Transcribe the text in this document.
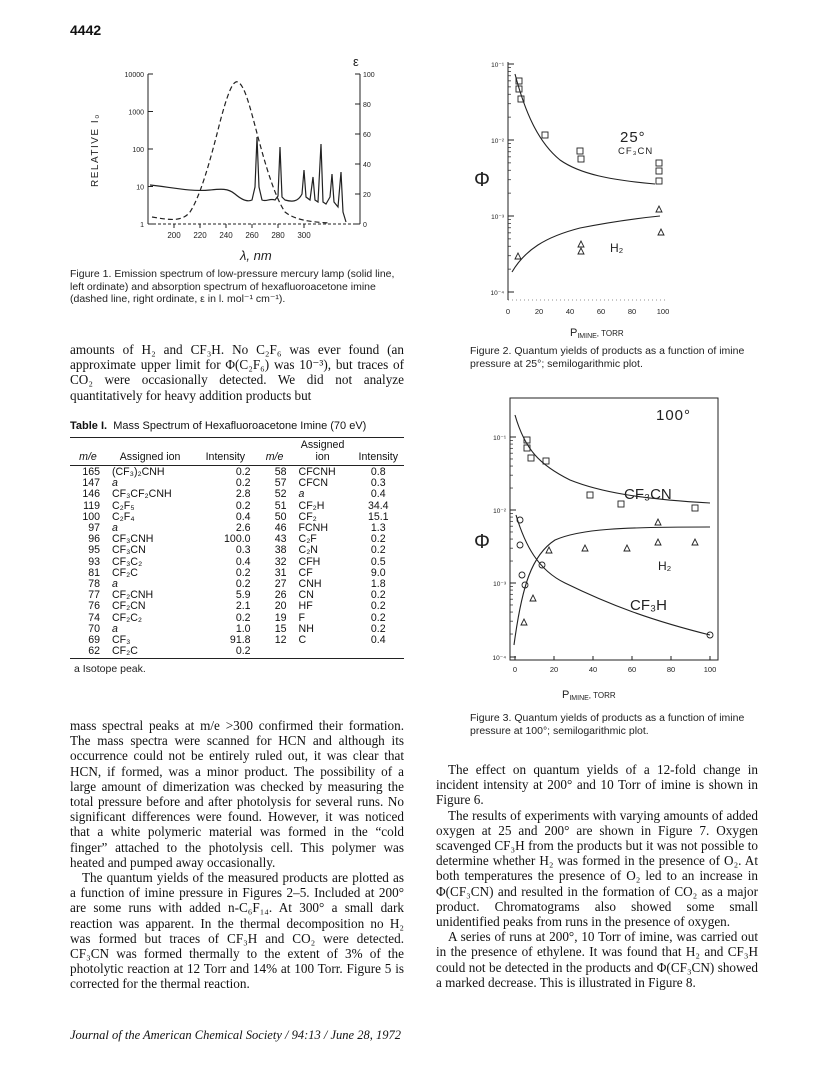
4442
1
10
100
1000
10000
0
20
40
60
80
100
200 220 240 260 280 300
RELATIVE I₀
ε
λ, nm
Figure 1. Emission spectrum of low-pressure mercury lamp (solid line, left ordinate) and absorption spectrum of hexafluoroacetone imine (dashed line, right ordinate, ε in l. mol⁻¹ cm⁻¹).

amounts of H₂ and CF₃H. No C₂F₆ was ever found (an approximate upper limit for Φ(C₂F₆) was 10⁻³), but traces of CO₂ were occasionally detected. We did not analyze quantitatively for heavy addition products but

Table I. Mass Spectrum of Hexafluoroacetone Imine (70 eV)
m/e	Assigned ion	Intensity	m/e	Assigned ion	Intensity

165	(CF₃)₂CNH	0.2	58	CFCNH	0.8
147	a	0.2	57	CFCN	0.3
146	CF₃CF₂CNH	2.8	52	a	0.4
119	C₂F₅	0.2	51	CF₂H	34.4
100	C₂F₄	0.4	50	CF₂	15.1
97	a	2.6	46	FCNH	1.3
96	CF₃CNH	100.0	43	C₂F	0.2
95	CF₃CN	0.3	38	C₂N	0.2
93	CF₃C₂	0.4	32	CFH	0.5
81	CF₂C	0.2	31	CF	9.0
78	a	0.2	27	CNH	1.8
77	CF₂CNH	5.9	26	CN	0.2
76	CF₂CN	2.1	20	HF	0.2
74	CF₂C₂	0.2	19	F	0.2
70	a	1.0	15	NH	0.2
69	CF₃	91.8	12	C	0.4
62	CF₂C	0.2			
a Isotope peak.

mass spectral peaks at m/e >300 confirmed their formation. The mass spectra were scanned for HCN and although its occurrence could not be entirely ruled out, it was clear that HCN, if formed, was a minor product. The possibility of a large amount of dimerization was checked by measuring the total pressure before and after photolysis for several runs. No significant differences were found. However, it was noticed that a white polymeric material was formed in the “cold finger” attached to the photolysis cell. This polymer was heated and pumped away occasionally.

The quantum yields of the measured products are plotted as a function of imine pressure in Figures 2–5. Included at 200° are some runs with added n-C₆F₁₄. At 300° a small dark reaction was apparent. In the thermal decomposition no H₂ was formed but traces of CF₃H and CO₂ were detected. CF₃CN was formed thermally to the extent of 3% of the photolytic reaction at 12 Torr and 14% at 100 Torr. Figure 5 is corrected for the thermal reaction.

10⁻¹
10⁻²
10⁻³
10⁻⁴
0	20	40	60	80	100
25°
CF₃CN
H₂
Φ
PIMINE, TORR
Figure 2. Quantum yields of products as a function of imine pressure at 25°; semilogarithmic plot.
10⁻¹
10⁻²
10⁻³
10⁻⁴
0	20	40	60	80	100
100°
CF₃CN
H₂
CF₃H
Φ
PIMINE, TORR
Figure 3. Quantum yields of products as a function of imine pressure at 100°; semilogarithmic plot.

The effect on quantum yields of a 12-fold change in incident intensity at 200° and 10 Torr of imine is shown in Figure 6.

The results of experiments with varying amounts of added oxygen at 25 and 200° are shown in Figure 7. Oxygen scavenged CF₃H from the products but it was not possible to determine whether H₂ was formed in the presence of O₂. At both temperatures the presence of O₂ led to an increase in Φ(CF₃CN) and resulted in the formation of CO₂ as a major product. Chromatograms also showed some small unidentified peaks from runs in the presence of oxygen.

A series of runs at 200°, 10 Torr of imine, was carried out in the presence of ethylene. It was found that H₂ and CF₃H could not be detected in the products and Φ(CF₃CN) showed a marked decrease. This is illustrated in Figure 8.

Journal of the American Chemical Society / 94:13 / June 28, 1972
